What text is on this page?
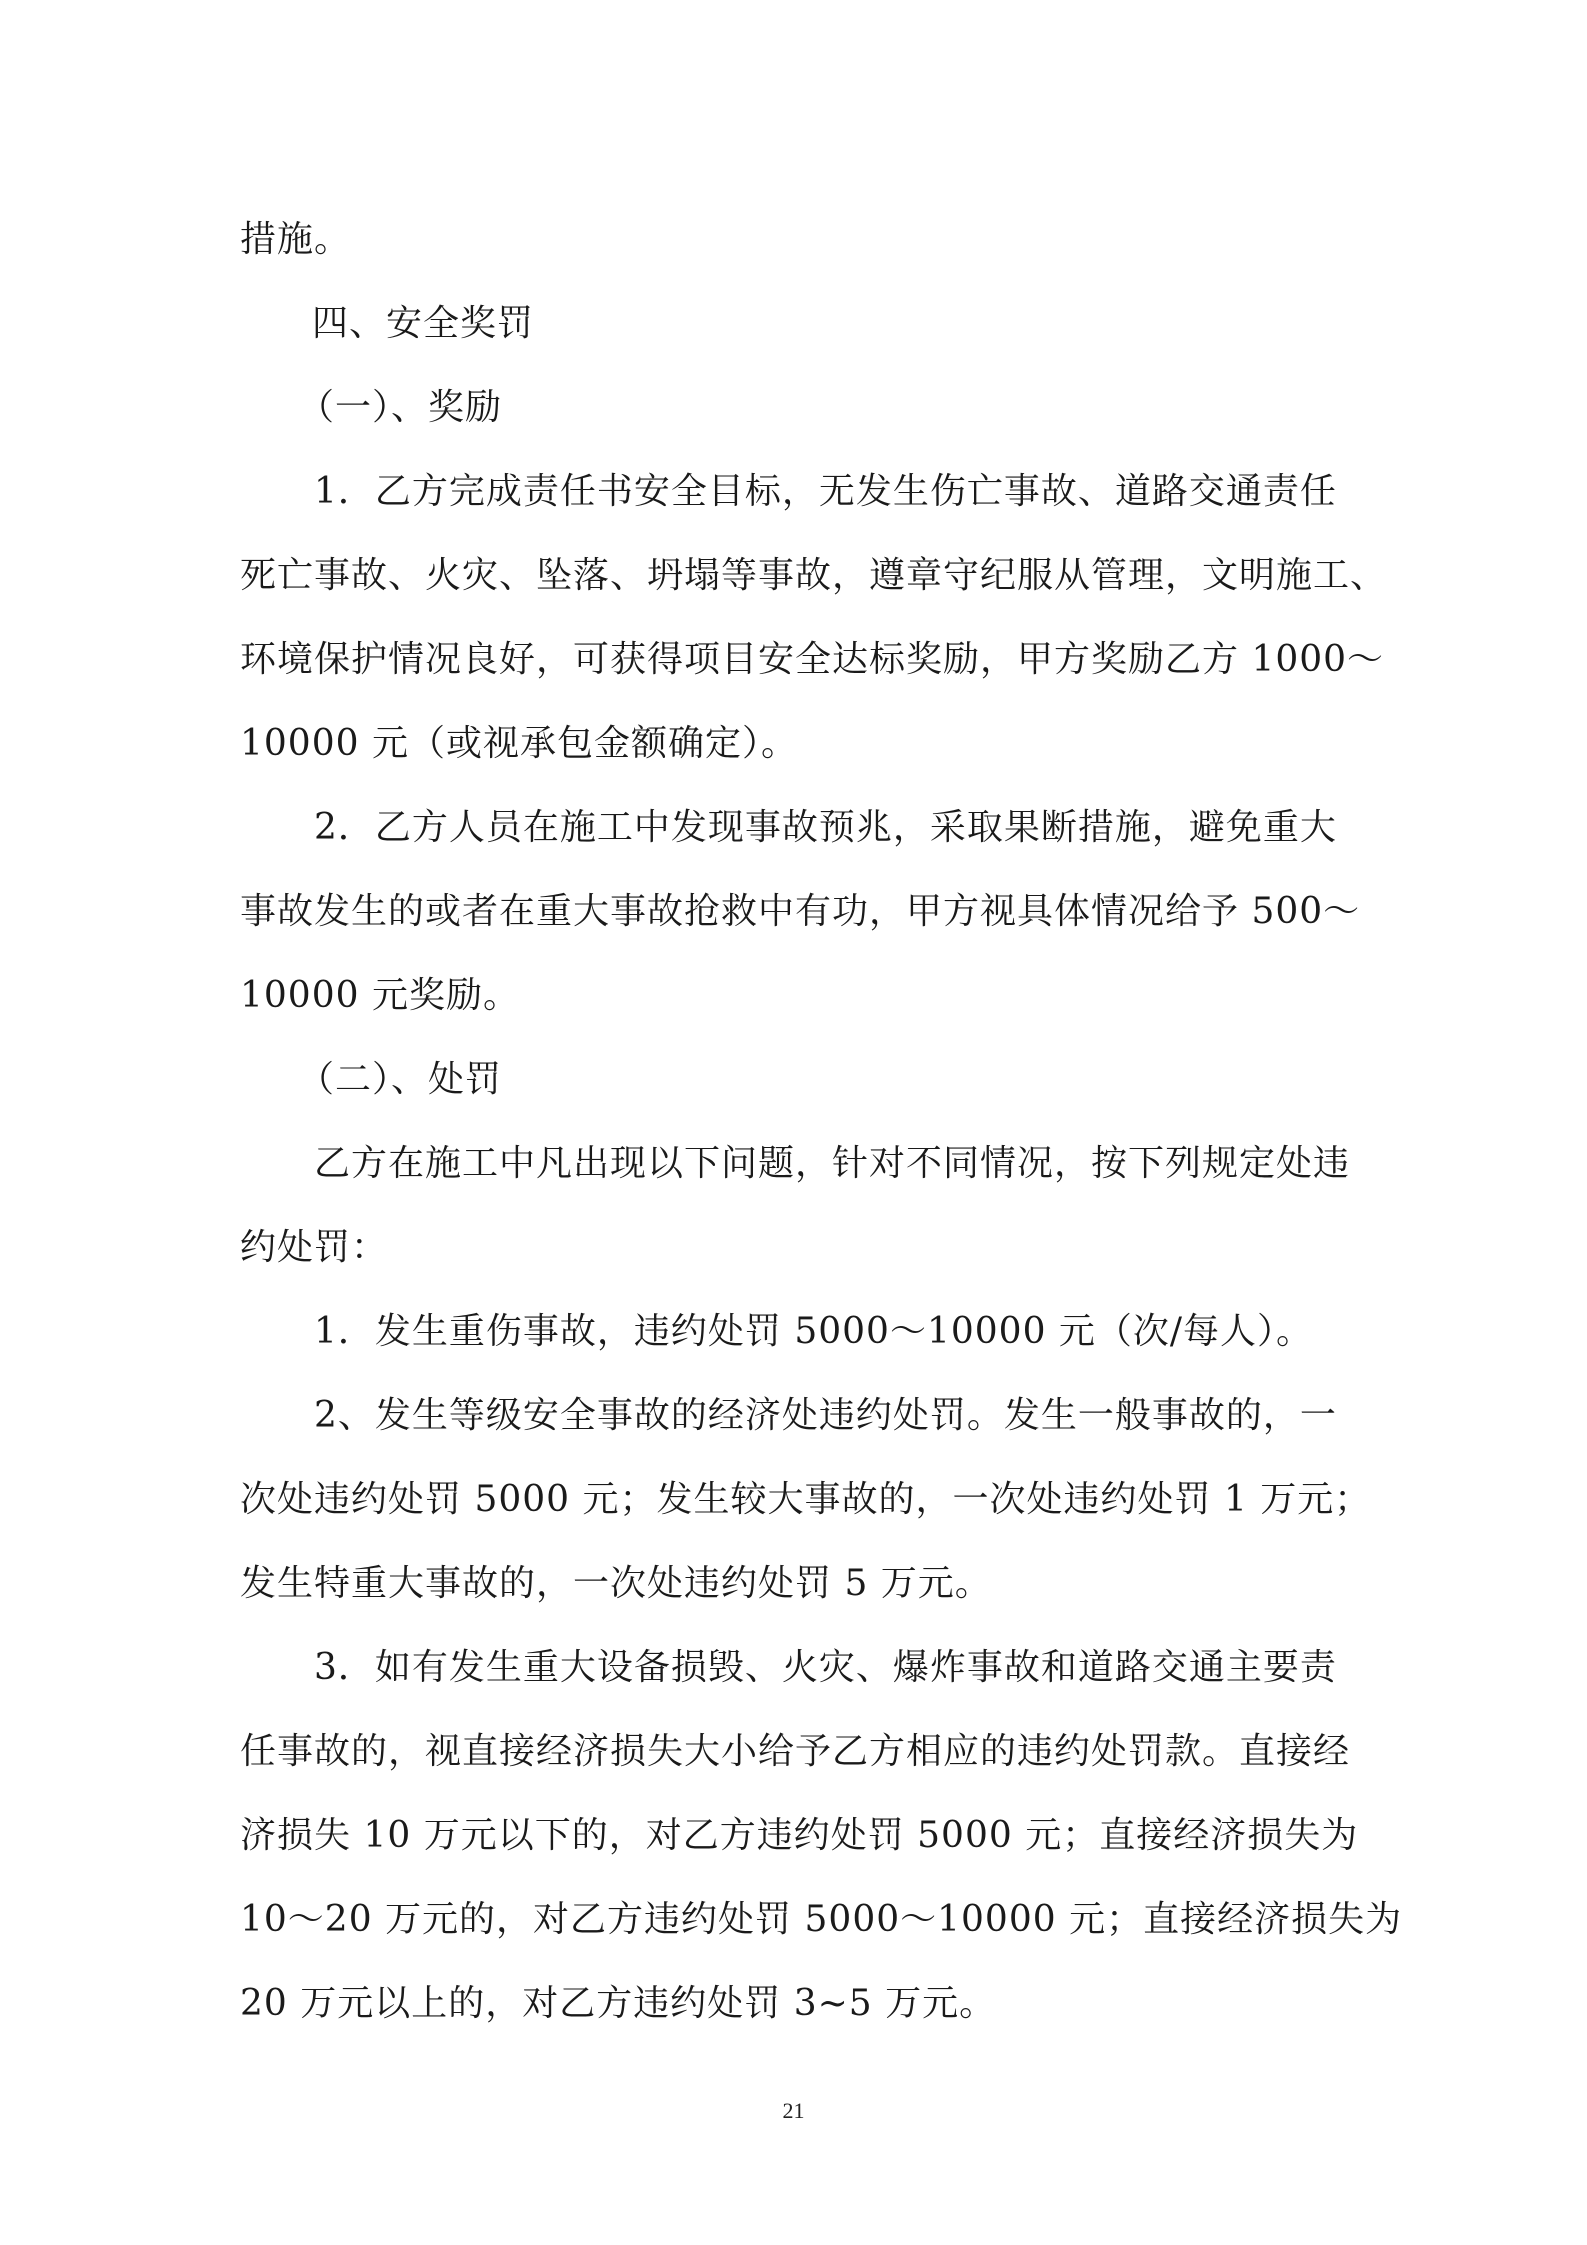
措施。

四、安全奖罚

（一）、奖励

1．乙方完成责任书安全目标，无发生伤亡事故、道路交通责任
死亡事故、火灾、坠落、坍塌等事故，遵章守纪服从管理，文明施工、
环境保护情况良好，可获得项目安全达标奖励，甲方奖励乙方 1000～
10000 元（或视承包金额确定）。

2．乙方人员在施工中发现事故预兆，采取果断措施，避免重大
事故发生的或者在重大事故抢救中有功，甲方视具体情况给予 500～
10000 元奖励。

（二）、处罚

乙方在施工中凡出现以下问题，针对不同情况，按下列规定处违
约处罚：

1．发生重伤事故，违约处罚 5000～10000 元（次/每人）。

2、发生等级安全事故的经济处违约处罚。发生一般事故的，一
次处违约处罚 5000 元；发生较大事故的，一次处违约处罚 1 万元；
发生特重大事故的，一次处违约处罚 5 万元。

3．如有发生重大设备损毁、火灾、爆炸事故和道路交通主要责
任事故的，视直接经济损失大小给予乙方相应的违约处罚款。直接经
济损失 10 万元以下的，对乙方违约处罚 5000 元；直接经济损失为
10～20 万元的，对乙方违约处罚 5000～10000 元；直接经济损失为
20 万元以上的，对乙方违约处罚 3~5 万元。

21
